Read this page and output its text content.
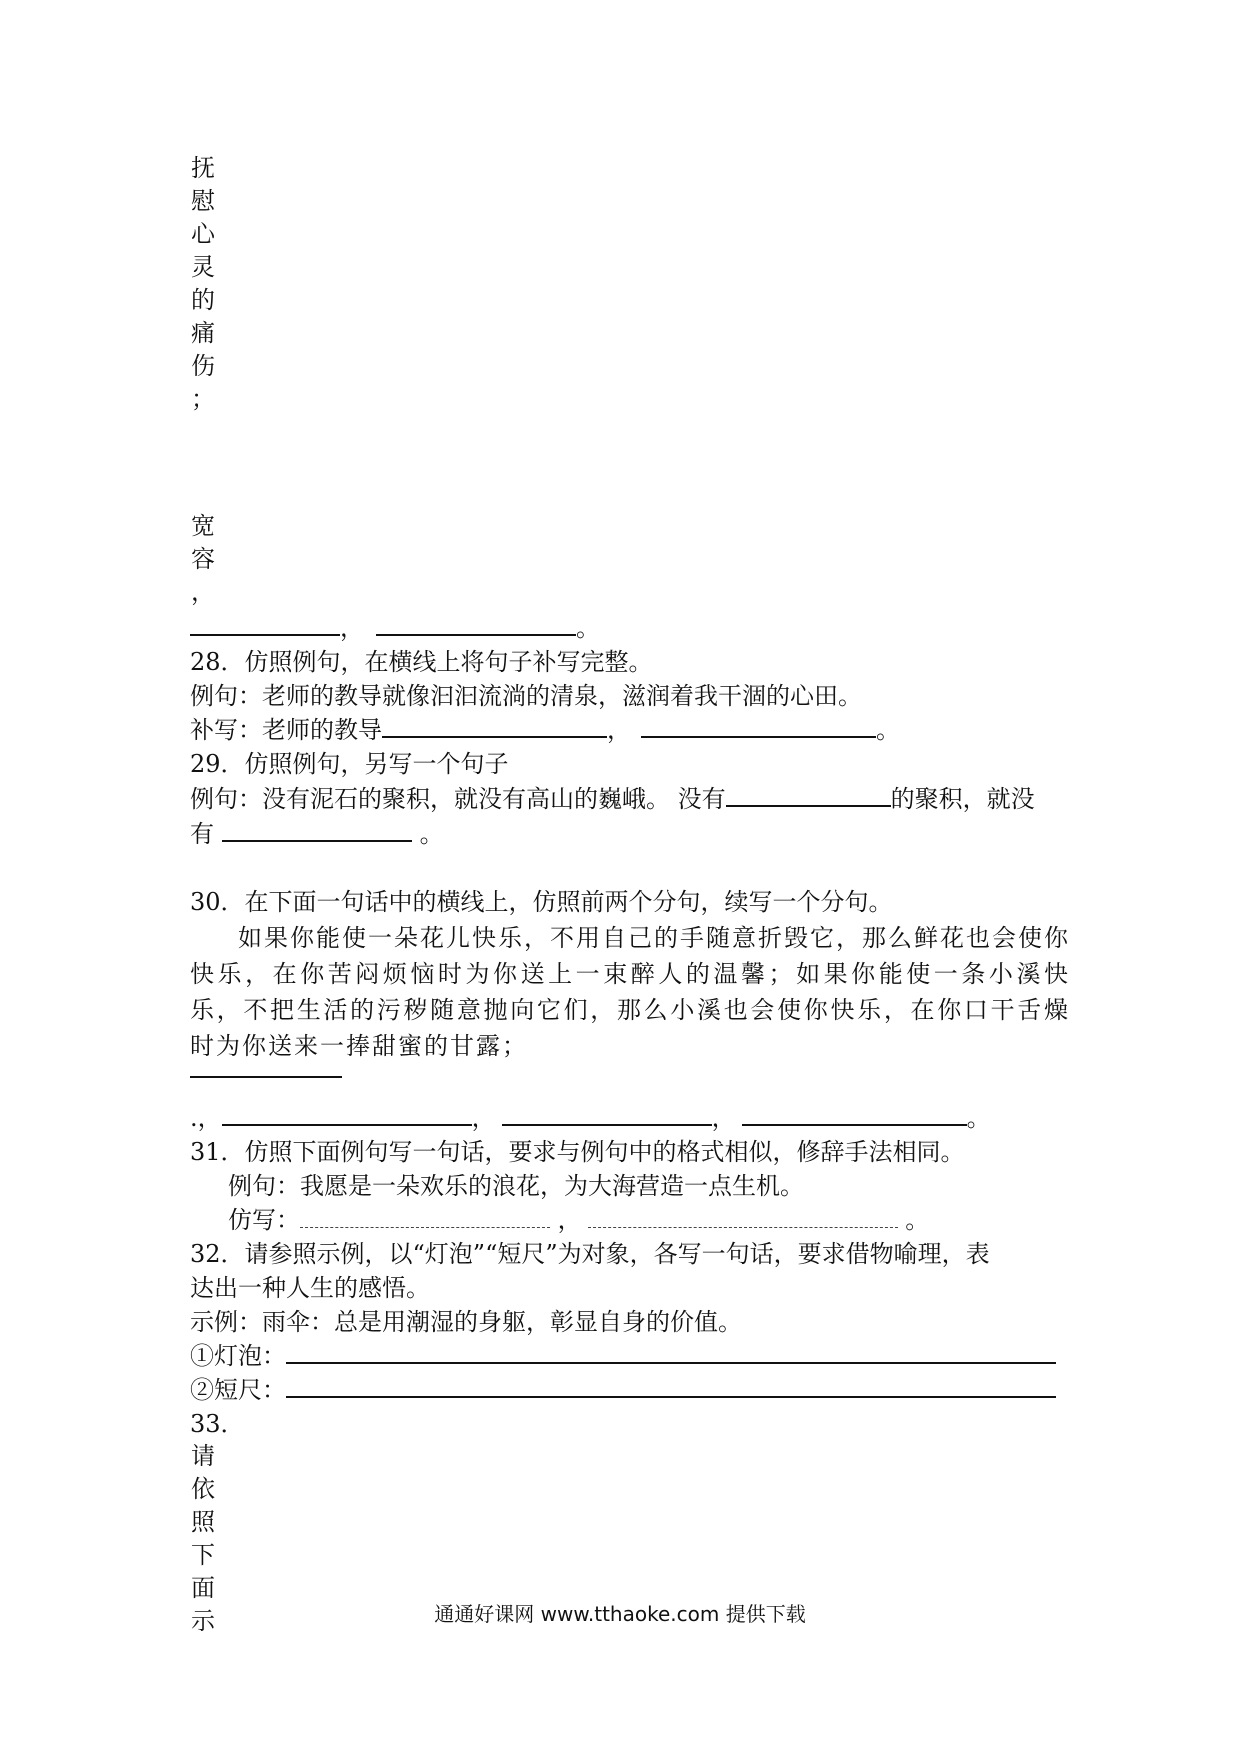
抚
慰
心
灵
的
痛
伤
；
宽
容
，
，	。
28．仿照例句，在横线上将句子补写完整。
例句：老师的教导就像汩汩流淌的清泉，滋润着我干涸的心田。
补写：老师的教导	，	。
29．仿照例句，另写一个句子
例句：没有泥石的聚积，就没有高山的巍峨。 没有	的聚积，就没
有	。
30．在下面一句话中的横线上，仿照前两个分句，续写一个分句。
如果你能使一朵花儿快乐，不用自己的手随意折毁它，那么鲜花也会使你快乐，在你苦闷烦恼时为你送上一束醉人的温馨；如果你能使一条小溪快乐，不把生活的污秽随意抛向它们，那么小溪也会使你快乐，在你口干舌燥时为你送来一捧甜蜜的甘露；
.，	，	，	。
31．仿照下面例句写一句话，要求与例句中的格式相似，修辞手法相同。
例句：我愿是一朵欢乐的浪花，为大海营造一点生机。
仿写：	，	。
32．请参照示例，以“灯泡”“短尺”为对象，各写一句话，要求借物喻理，表
达出一种人生的感悟。
示例：雨伞：总是用潮湿的身躯，彰显自身的价值。
①灯泡：
②短尺：
33．
请
依
照
下
面
示	通通好课网 www.tthaoke.com 提供下载
